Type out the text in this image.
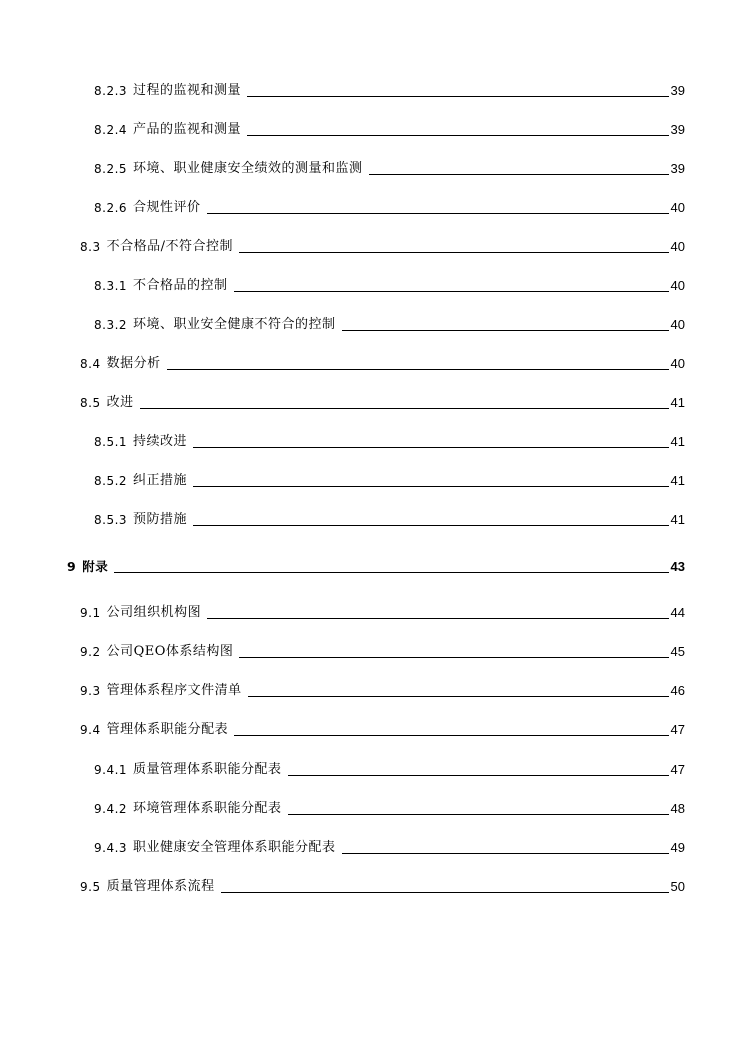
8.2.3 过程的监视和测量	39
8.2.4 产品的监视和测量	39
8.2.5 环境、职业健康安全绩效的测量和监测	39
8.2.6 合规性评价	40
8.3 不合格品/不符合控制	40
8.3.1 不合格品的控制	40
8.3.2 环境、职业安全健康不符合的控制	40
8.4 数据分析	40
8.5 改进	41
8.5.1 持续改进	41
8.5.2 纠正措施	41
8.5.3 预防措施	41
9 附录	43
9.1 公司组织机构图	44
9.2 公司QEO体系结构图	45
9.3 管理体系程序文件清单	46
9.4 管理体系职能分配表	47
9.4.1 质量管理体系职能分配表	47
9.4.2 环境管理体系职能分配表	48
9.4.3 职业健康安全管理体系职能分配表	49
9.5 质量管理体系流程	50
